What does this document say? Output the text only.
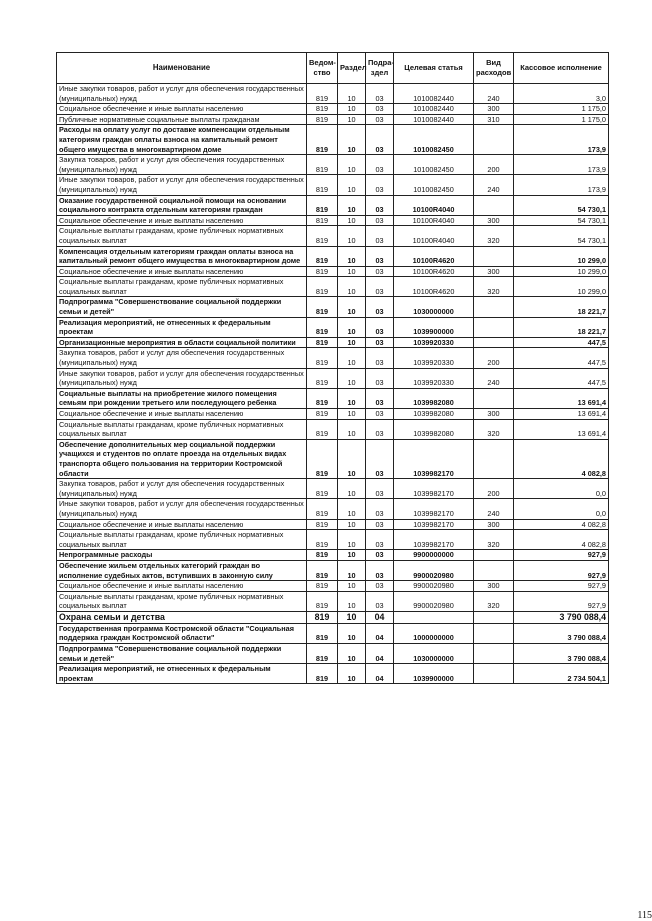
Наименование	Ведом-ство	Раздел	Подра-здел	Целевая статья	Вид расходов	Кассовое исполнение
Иные закупки товаров, работ и услуг для обеспечения государственных (муниципальных) нужд	819	10	03	1010082440	240	3,0
Социальное обеспечение и иные выплаты населению	819	10	03	1010082440	300	1 175,0
Публичные нормативные социальные выплаты гражданам	819	10	03	1010082440	310	1 175,0
Расходы на оплату услуг по доставке компенсации отдельным категориям граждан оплаты взноса на капитальный ремонт общего имущества в многоквартирном доме	819	10	03	1010082450		173,9
Закупка товаров, работ и услуг для обеспечения государственных (муниципальных) нужд	819	10	03	1010082450	200	173,9
Иные закупки товаров, работ и услуг для обеспечения государственных (муниципальных) нужд	819	10	03	1010082450	240	173,9
Оказание государственной социальной помощи на основании социального контракта отдельным категориям граждан	819	10	03	10100R4040		54 730,1
Социальное обеспечение и иные выплаты населению	819	10	03	10100R4040	300	54 730,1
Социальные выплаты гражданам, кроме публичных нормативных социальных выплат	819	10	03	10100R4040	320	54 730,1
Компенсация отдельным категориям граждан оплаты взноса на капитальный ремонт общего имущества в многоквартирном доме	819	10	03	10100R4620		10 299,0
Социальное обеспечение и иные выплаты населению	819	10	03	10100R4620	300	10 299,0
Социальные выплаты гражданам, кроме публичных нормативных социальных выплат	819	10	03	10100R4620	320	10 299,0
Подпрограмма "Совершенствование социальной поддержки семьи и детей"	819	10	03	1030000000		18 221,7
Реализация мероприятий, не отнесенных к федеральным проектам	819	10	03	1039900000		18 221,7
Организационные мероприятия в области социальной политики	819	10	03	1039920330		447,5
Закупка товаров, работ и услуг для обеспечения государственных (муниципальных) нужд	819	10	03	1039920330	200	447,5
Иные закупки товаров, работ и услуг для обеспечения государственных (муниципальных) нужд	819	10	03	1039920330	240	447,5
Социальные выплаты на приобретение жилого помещения семьям при рождении третьего или последующего ребенка	819	10	03	1039982080		13 691,4
Социальное обеспечение и иные выплаты населению	819	10	03	1039982080	300	13 691,4
Социальные выплаты гражданам, кроме публичных нормативных социальных выплат	819	10	03	1039982080	320	13 691,4
Обеспечение дополнительных мер социальной поддержки учащихся и студентов по оплате проезда на отдельных видах транспорта общего пользования на территории Костромской области	819	10	03	1039982170		4 082,8
Закупка товаров, работ и услуг для обеспечения государственных (муниципальных) нужд	819	10	03	1039982170	200	0,0
Иные закупки товаров, работ и услуг для обеспечения государственных (муниципальных) нужд	819	10	03	1039982170	240	0,0
Социальное обеспечение и иные выплаты населению	819	10	03	1039982170	300	4 082,8
Социальные выплаты гражданам, кроме публичных нормативных социальных выплат	819	10	03	1039982170	320	4 082,8
Непрограммные расходы	819	10	03	9900000000		927,9
Обеспечение жильем отдельных категорий граждан во исполнение судебных актов, вступивших в законную силу	819	10	03	9900020980		927,9
Социальное обеспечение и иные выплаты населению	819	10	03	9900020980	300	927,9
Социальные выплаты гражданам, кроме публичных нормативных социальных выплат	819	10	03	9900020980	320	927,9
Охрана семьи и детства	819	10	04			3 790 088,4
Государственная программа Костромской области "Социальная поддержка граждан Костромской области"	819	10	04	1000000000		3 790 088,4
Подпрограмма "Совершенствование социальной поддержки семьи и детей"	819	10	04	1030000000		3 790 088,4
Реализация мероприятий, не отнесенных к федеральным проектам	819	10	04	1039900000		2 734 504,1
115
